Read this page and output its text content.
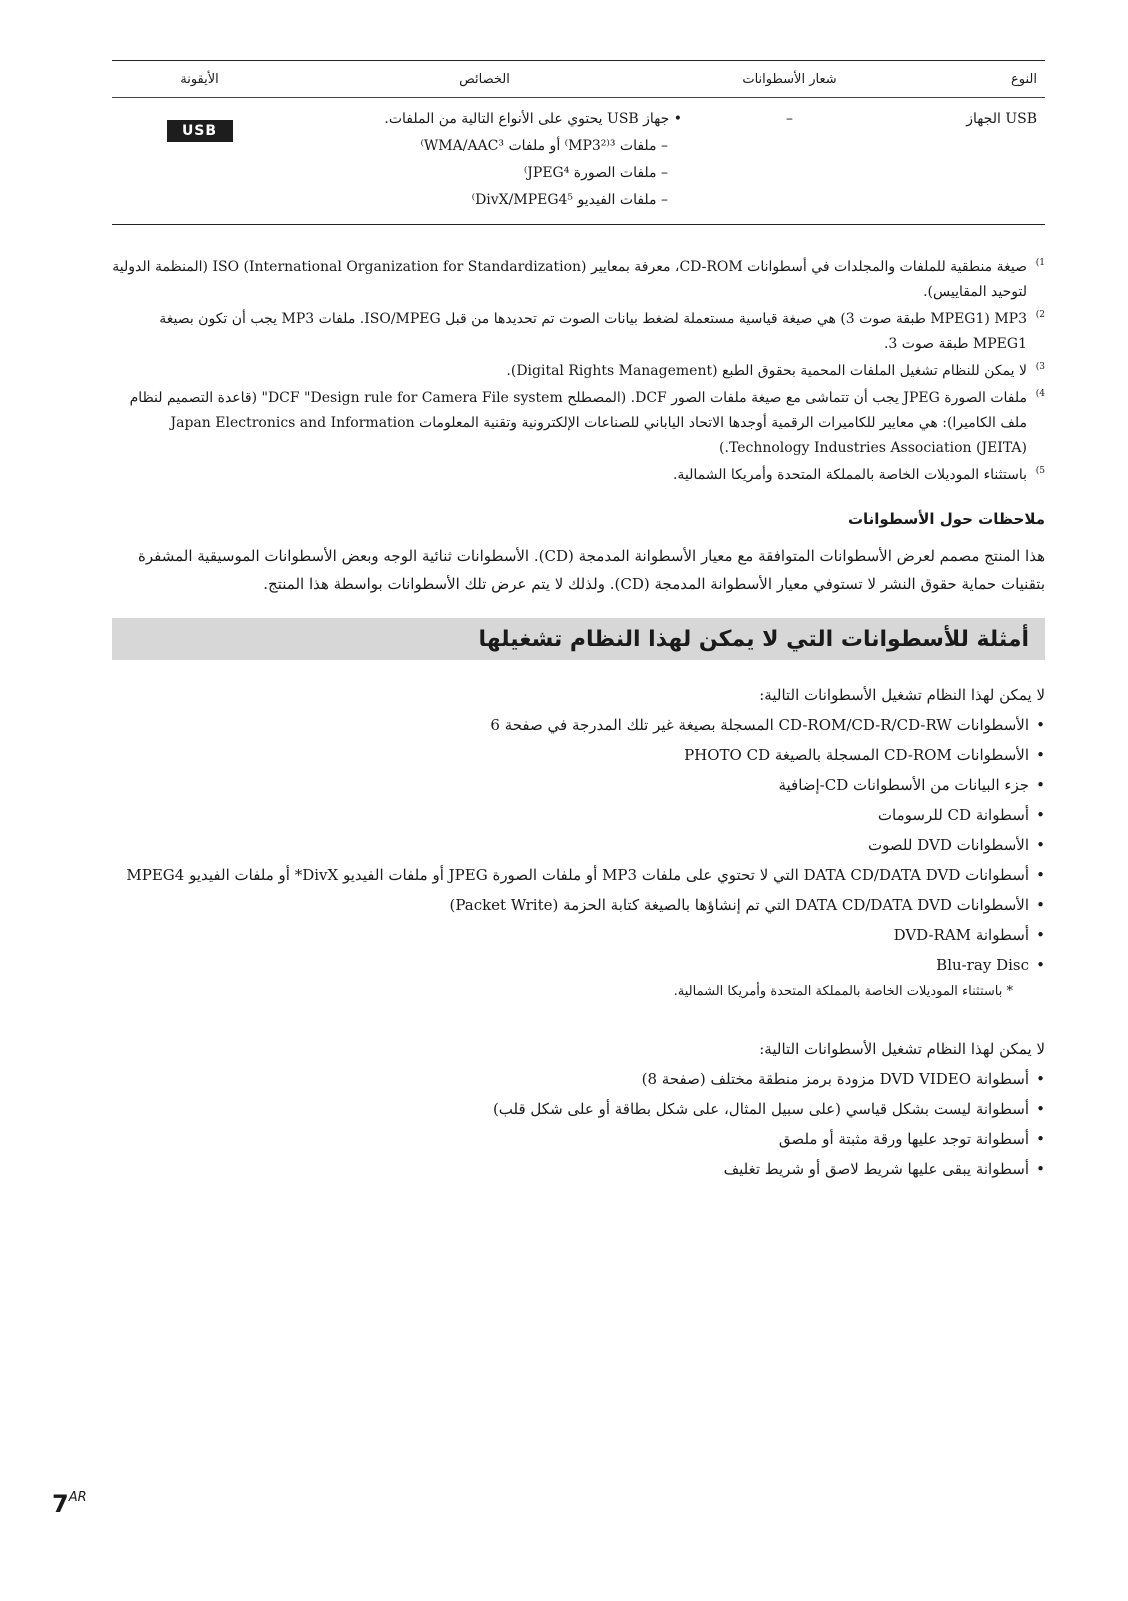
النوع
شعار الأسطوانات
الخصائص
الأيقونة
USB الجهاز
–
• جهاز USB يحتوي على الأنواع التالية من الملفات.
– ملفات MP3²⁾³⁾ أو ملفات WMA/AAC³⁾
– ملفات الصورة JPEG⁴⁾
– ملفات الفيديو DivX/MPEG4⁵⁾
USB
1)
صيغة منطقية للملفات والمجلدات في أسطوانات CD-ROM، معرفة بمعايير ISO (International Organization for Standardization) (المنظمة الدولية لتوحيد المقاييس).
2)
MP3 (MPEG1 طبقة صوت 3) هي صيغة قياسية مستعملة لضغط بيانات الصوت تم تحديدها من قبل ISO/MPEG. ملفات MP3 يجب أن تكون بصيغة MPEG1 طبقة صوت 3.
3)
لا يمكن للنظام تشغيل الملفات المحمية بحقوق الطبع (Digital Rights Management).
4)
ملفات الصورة JPEG يجب أن تتماشى مع صيغة ملفات الصور DCF. (المصطلح DCF "Design rule for Camera File system" (قاعدة التصميم لنظام ملف الكاميرا): هي معايير للكاميرات الرقمية أوجدها الاتحاد الياباني للصناعات الإلكترونية وتقنية المعلومات Japan Electronics and Information Technology Industries Association (JEITA).)
5)
باستثناء الموديلات الخاصة بالمملكة المتحدة وأمريكا الشمالية.
ملاحظات حول الأسطوانات
هذا المنتج مصمم لعرض الأسطوانات المتوافقة مع معيار الأسطوانة المدمجة (CD). الأسطوانات ثنائية الوجه وبعض الأسطوانات الموسيقية المشفرة بتقنيات حماية حقوق النشر لا تستوفي معيار الأسطوانة المدمجة (CD). ولذلك لا يتم عرض تلك الأسطوانات بواسطة هذا المنتج.
أمثلة للأسطوانات التي لا يمكن لهذا النظام تشغيلها
لا يمكن لهذا النظام تشغيل الأسطوانات التالية:
•
الأسطوانات CD-ROM/CD-R/CD-RW المسجلة بصيغة غير تلك المدرجة في صفحة 6
•
الأسطوانات CD-ROM المسجلة بالصيغة PHOTO CD
•
جزء البيانات من الأسطوانات CD-إضافية
•
أسطوانة CD للرسومات
•
الأسطوانات DVD للصوت
•
أسطوانات DATA CD/DATA DVD التي لا تحتوي على ملفات MP3 أو ملفات الصورة JPEG أو ملفات الفيديو DivX* أو ملفات الفيديو MPEG4
•
الأسطوانات DATA CD/DATA DVD التي تم إنشاؤها بالصيغة كتابة الحزمة (Packet Write)
•
أسطوانة DVD-RAM
•
Blu-ray Disc
* باستثناء الموديلات الخاصة بالمملكة المتحدة وأمريكا الشمالية.
لا يمكن لهذا النظام تشغيل الأسطوانات التالية:
•
أسطوانة DVD VIDEO مزودة برمز منطقة مختلف (صفحة 8)
•
أسطوانة ليست بشكل قياسي (على سبيل المثال، على شكل بطاقة أو على شكل قلب)
•
أسطوانة توجد عليها ورقة مثبتة أو ملصق
•
أسطوانة يبقى عليها شريط لاصق أو شريط تغليف
$7^{AR}$
